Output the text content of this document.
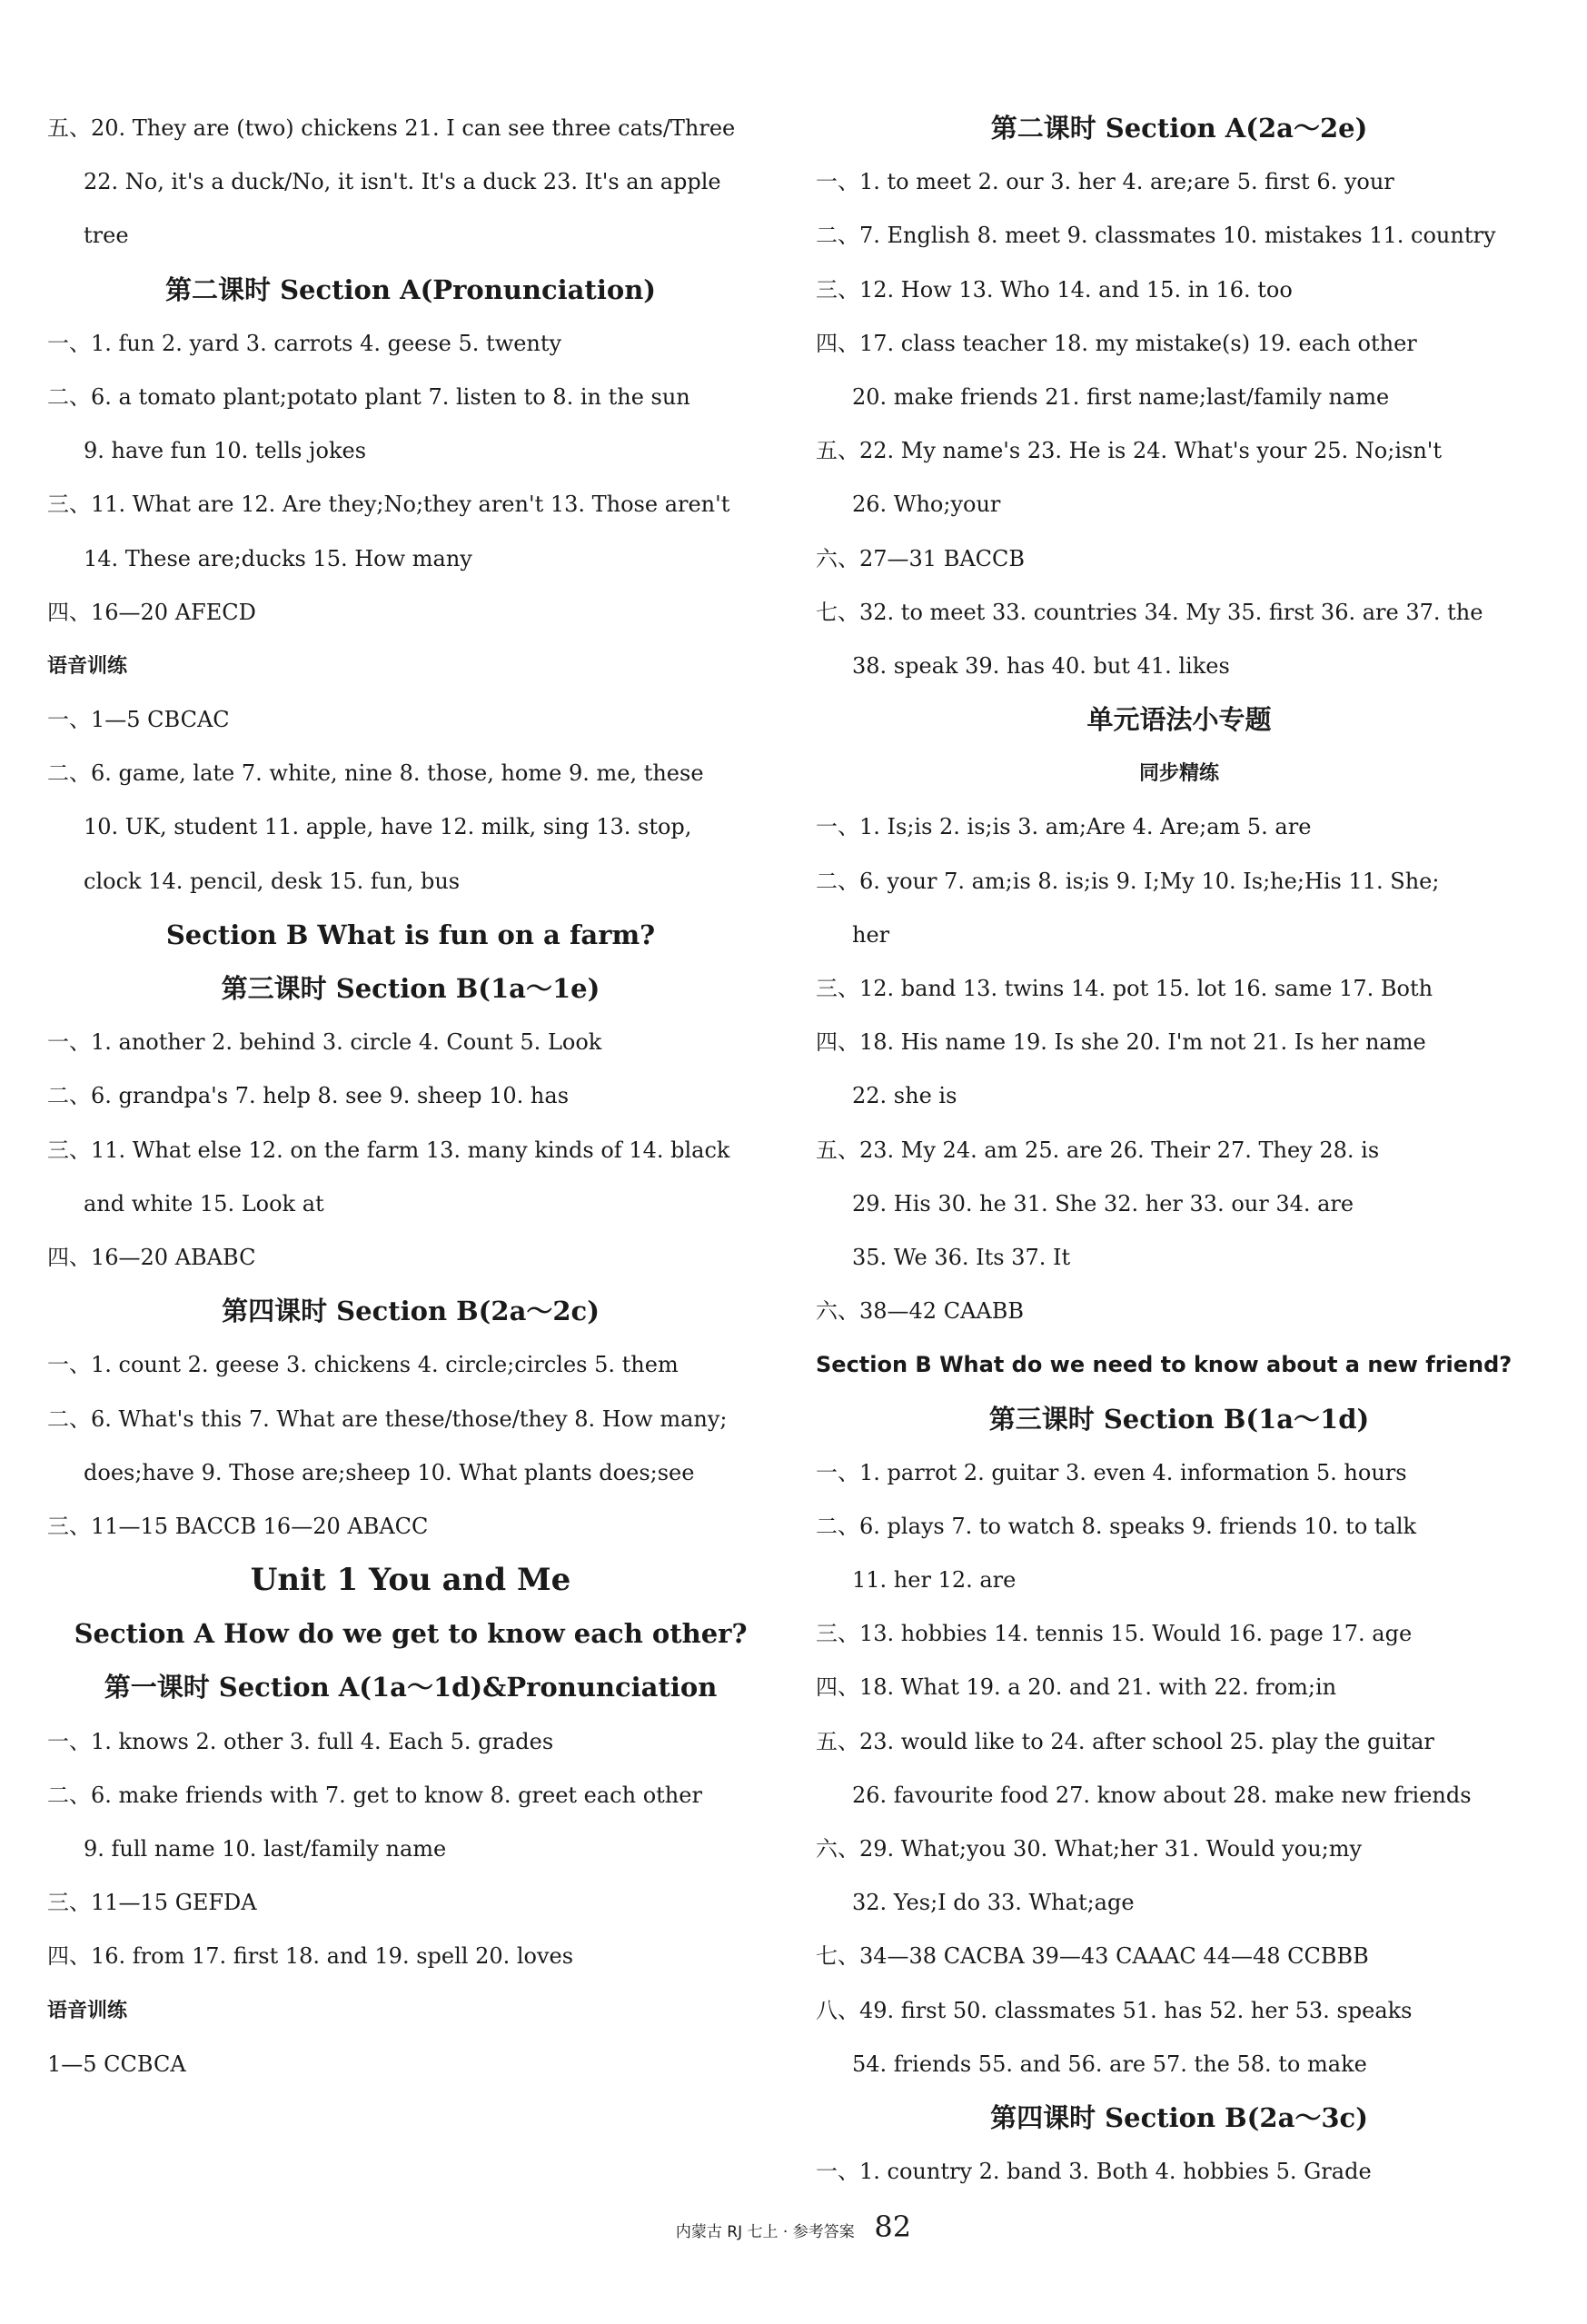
五、20. They are (two) chickens 21. I can see three cats/Three
22. No, it's a duck/No, it isn't. It's a duck 23. It's an apple
tree
第二课时 Section A(Pronunciation)
一、1. fun 2. yard 3. carrots 4. geese 5. twenty
二、6. a tomato plant;potato plant 7. listen to 8. in the sun
9. have fun 10. tells jokes
三、11. What are 12. Are they;No;they aren't 13. Those aren't
14. These are;ducks 15. How many
四、16—20 AFECD
语音训练
一、1—5 CBCAC
二、6. game, late 7. white, nine 8. those, home 9. me, these
10. UK, student 11. apple, have 12. milk, sing 13. stop,
clock 14. pencil, desk 15. fun, bus
Section B What is fun on a farm?
第三课时 Section B(1a～1e)
一、1. another 2. behind 3. circle 4. Count 5. Look
二、6. grandpa's 7. help 8. see 9. sheep 10. has
三、11. What else 12. on the farm 13. many kinds of 14. black
and white 15. Look at
四、16—20 ABABC
第四课时 Section B(2a～2c)
一、1. count 2. geese 3. chickens 4. circle;circles 5. them
二、6. What's this 7. What are these/those/they 8. How many;
does;have 9. Those are;sheep 10. What plants does;see
三、11—15 BACCB 16—20 ABACC
Unit 1 You and Me
Section A How do we get to know each other?
第一课时 Section A(1a～1d)&Pronunciation
一、1. knows 2. other 3. full 4. Each 5. grades
二、6. make friends with 7. get to know 8. greet each other
9. full name 10. last/family name
三、11—15 GEFDA
四、16. from 17. first 18. and 19. spell 20. loves
语音训练
1—5 CCBCA
第二课时 Section A(2a～2e)
一、1. to meet 2. our 3. her 4. are;are 5. first 6. your
二、7. English 8. meet 9. classmates 10. mistakes 11. country
三、12. How 13. Who 14. and 15. in 16. too
四、17. class teacher 18. my mistake(s) 19. each other
20. make friends 21. first name;last/family name
五、22. My name's 23. He is 24. What's your 25. No;isn't
26. Who;your
六、27—31 BACCB
七、32. to meet 33. countries 34. My 35. first 36. are 37. the
38. speak 39. has 40. but 41. likes
单元语法小专题
同步精练
一、1. Is;is 2. is;is 3. am;Are 4. Are;am 5. are
二、6. your 7. am;is 8. is;is 9. I;My 10. Is;he;His 11. She;
her
三、12. band 13. twins 14. pot 15. lot 16. same 17. Both
四、18. His name 19. Is she 20. I'm not 21. Is her name
22. she is
五、23. My 24. am 25. are 26. Their 27. They 28. is
29. His 30. he 31. She 32. her 33. our 34. are
35. We 36. Its 37. It
六、38—42 CAABB
Section B What do we need to know about a new friend?
第三课时 Section B(1a～1d)
一、1. parrot 2. guitar 3. even 4. information 5. hours
二、6. plays 7. to watch 8. speaks 9. friends 10. to talk
11. her 12. are
三、13. hobbies 14. tennis 15. Would 16. page 17. age
四、18. What 19. a 20. and 21. with 22. from;in
五、23. would like to 24. after school 25. play the guitar
26. favourite food 27. know about 28. make new friends
六、29. What;you 30. What;her 31. Would you;my
32. Yes;I do 33. What;age
七、34—38 CACBA 39—43 CAAAC 44—48 CCBBB
八、49. first 50. classmates 51. has 52. her 53. speaks
54. friends 55. and 56. are 57. the 58. to make
第四课时 Section B(2a～3c)
一、1. country 2. band 3. Both 4. hobbies 5. Grade
内蒙古 RJ 七上 · 参考答案 82
